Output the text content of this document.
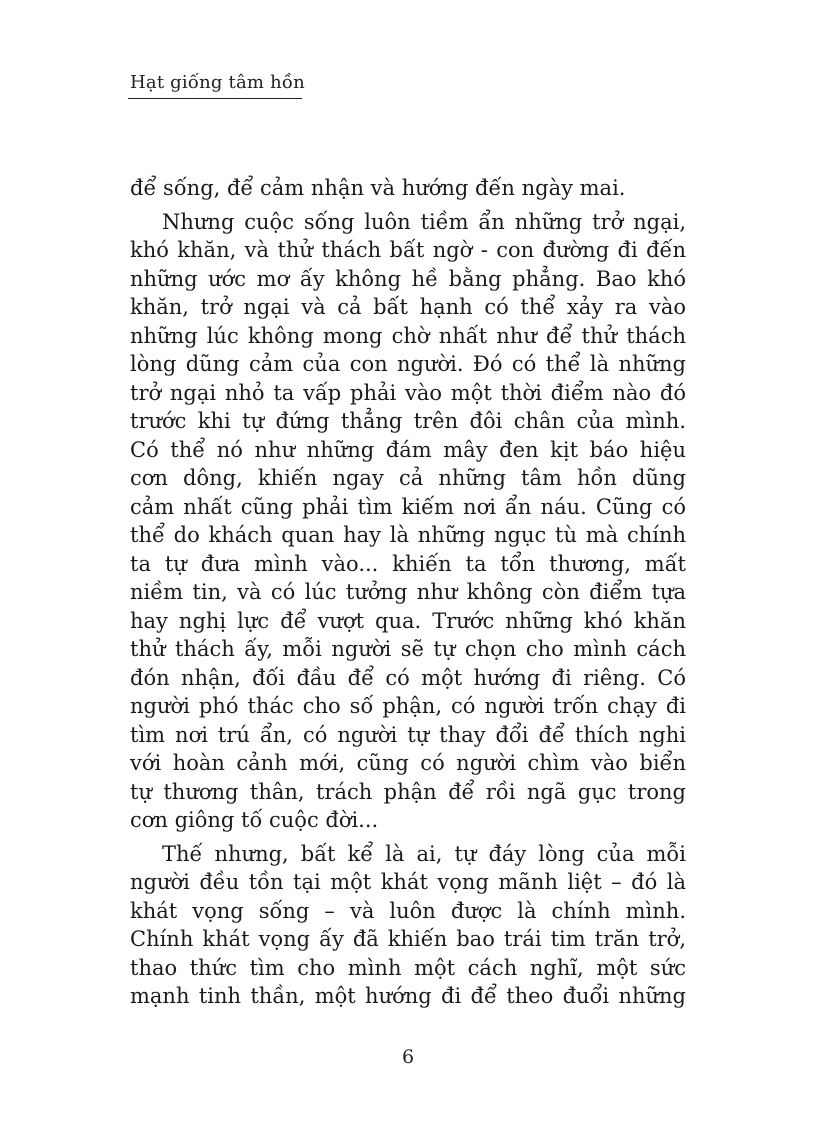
Hạt giống tâm hồn
để sống, để cảm nhận và hướng đến ngày mai.
Nhưng cuộc sống luôn tiềm ẩn những trở ngại,
khó khăn, và thử thách bất ngờ - con đường đi đến
những ước mơ ấy không hề bằng phẳng. Bao khó
khăn, trở ngại và cả bất hạnh có thể xảy ra vào
những lúc không mong chờ nhất như để thử thách
lòng dũng cảm của con người. Đó có thể là những
trở ngại nhỏ ta vấp phải vào một thời điểm nào đó
trước khi tự đứng thẳng trên đôi chân của mình.
Có thể nó như những đám mây đen kịt báo hiệu
cơn dông, khiến ngay cả những tâm hồn dũng
cảm nhất cũng phải tìm kiếm nơi ẩn náu. Cũng có
thể do khách quan hay là những ngục tù mà chính
ta tự đưa mình vào... khiến ta tổn thương, mất
niềm tin, và có lúc tưởng như không còn điểm tựa
hay nghị lực để vượt qua. Trước những khó khăn
thử thách ấy, mỗi người sẽ tự chọn cho mình cách
đón nhận, đối đầu để có một hướng đi riêng. Có
người phó thác cho số phận, có người trốn chạy đi
tìm nơi trú ẩn, có người tự thay đổi để thích nghi
với hoàn cảnh mới, cũng có người chìm vào biển
tự thương thân, trách phận để rồi ngã gục trong
cơn giông tố cuộc đời...
Thế nhưng, bất kể là ai, tự đáy lòng của mỗi
người đều tồn tại một khát vọng mãnh liệt – đó là
khát vọng sống – và luôn được là chính mình.
Chính khát vọng ấy đã khiến bao trái tim trăn trở,
thao thức tìm cho mình một cách nghĩ, một sức
mạnh tinh thần, một hướng đi để theo đuổi những
6
